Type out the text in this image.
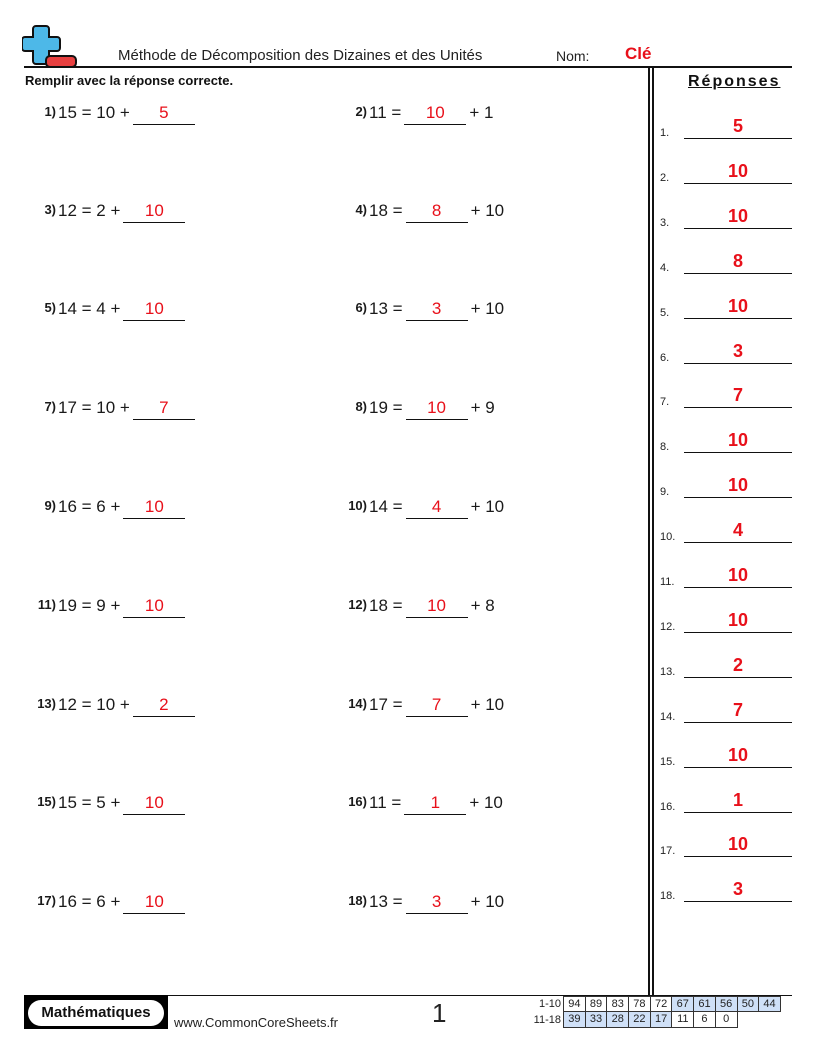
Méthode de Décomposition des Dizaines et des Unités	Nom: Clé
Remplir avec la réponse correcte.	Réponses
1) 15 = 10 + 5	2) 11 = 10 + 1
3) 12 = 2 + 10	4) 18 = 8 + 10
5) 14 = 4 + 10	6) 13 = 3 + 10
7) 17 = 10 + 7	8) 19 = 10 + 9
9) 16 = 6 + 10	10) 14 = 4 + 10
11) 19 = 9 + 10	12) 18 = 10 + 8
13) 12 = 10 + 2	14) 17 = 7 + 10
15) 15 = 5 + 10	16) 11 = 1 + 10
17) 16 = 6 + 10	18) 13 = 3 + 10
1.	5
2.	10
3.	10
4.	8
5.	10
6.	3
7.	7
8.	10
9.	10
10.	4
11.	10
12.	10
13.	2
14.	7
15.	10
16.	1
17.	10
18.	3
Mathématiques
www.CommonCoreSheets.fr	1	1-10 94 89 83 78 72 67 61 56 50 44
11-18 39 33 28 22 17 11	6	0
